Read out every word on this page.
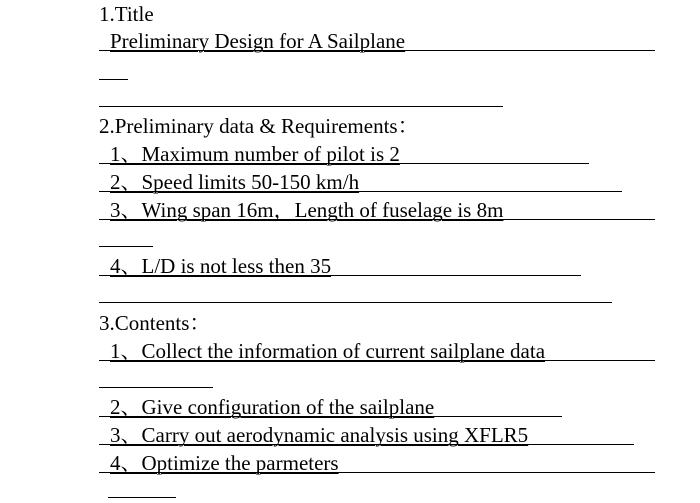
1.Title
Preliminary Design for A Sailplane
2.Preliminary data & Requirements：
1、Maximum number of pilot is 2
2、Speed limits 50-150 km/h
3、Wing span 16m，Length of fuselage is 8m
4、L/D is not less then 35
3.Contents：
1、Collect the information of current sailplane data
2、Give configuration of the sailplane
3、Carry out aerodynamic analysis using XFLR5
4、Optimize the parmeters
